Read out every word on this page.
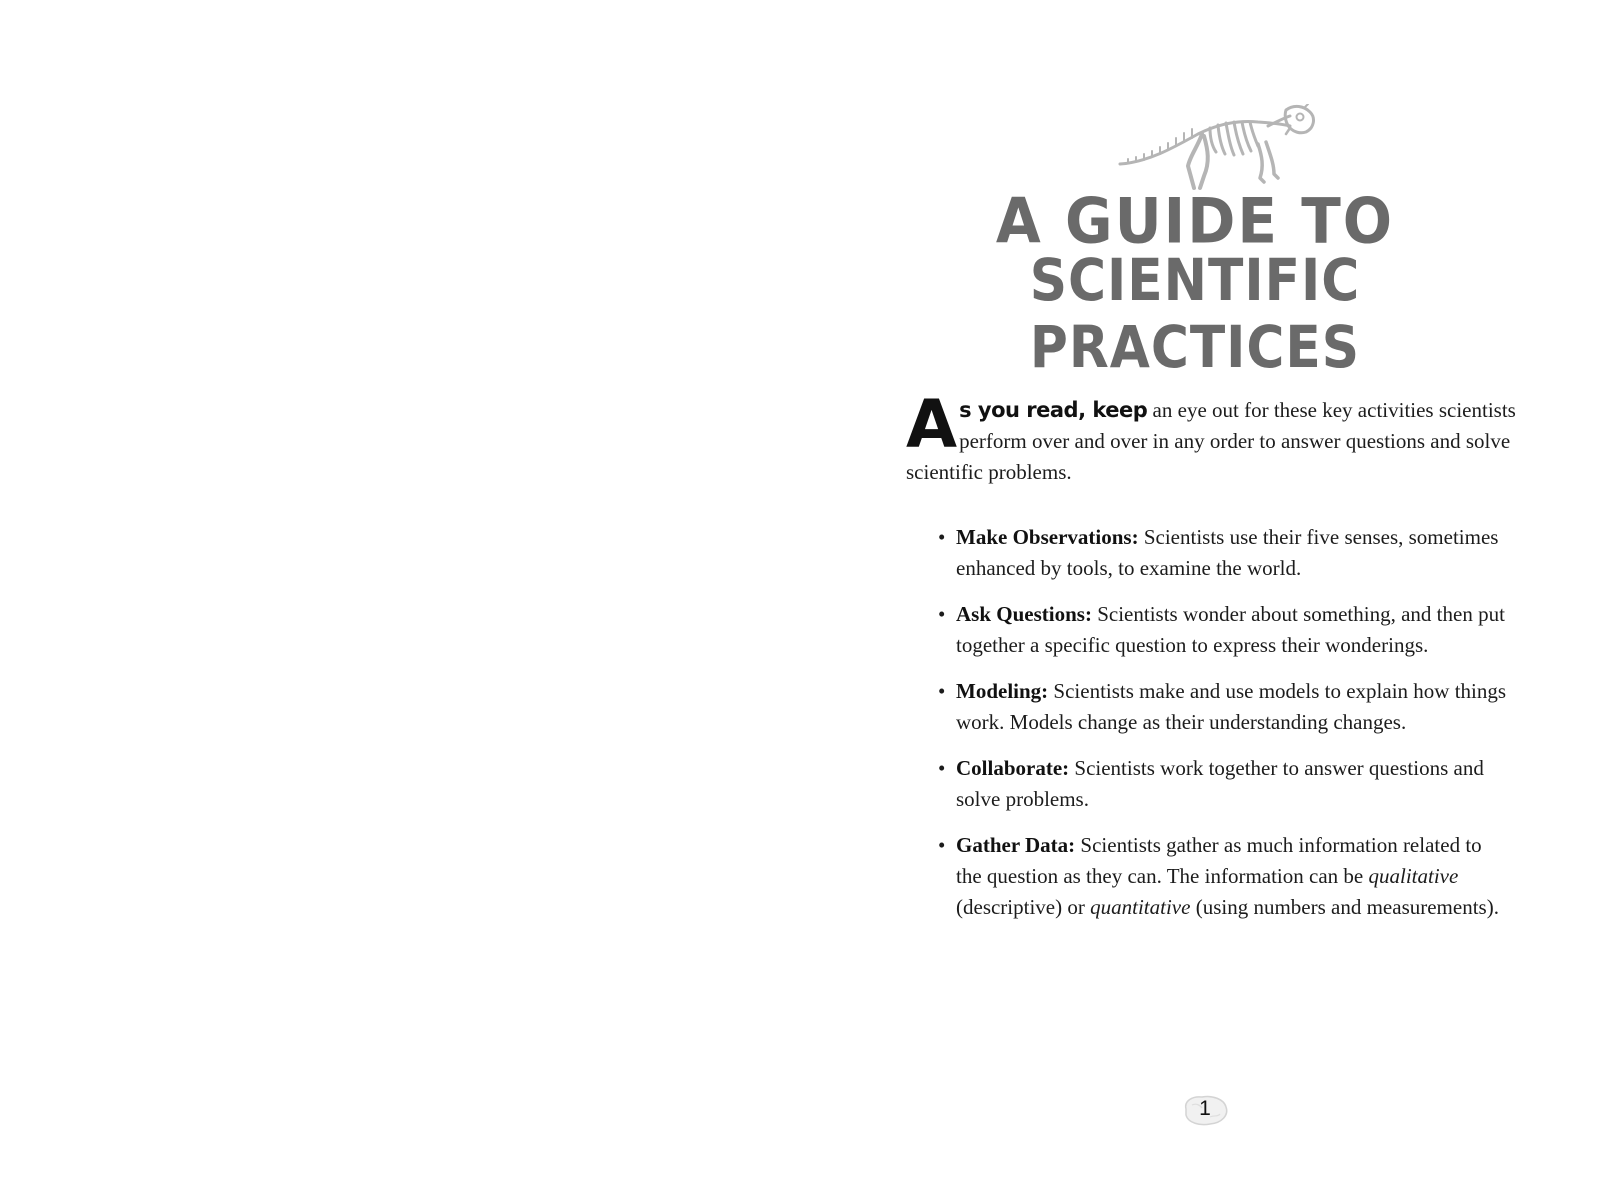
A GUIDE TO
SCIENTIFIC PRACTICES

As you read, keep an eye out for these key activities scientists perform over and over in any order to answer questions and solve scientific problems.

• Make Observations: Scientists use their five senses, sometimes enhanced by tools, to examine the world.
• Ask Questions: Scientists wonder about something, and then put together a specific question to express their wonderings.
• Modeling: Scientists make and use models to explain how things work. Models change as their understanding changes.
• Collaborate: Scientists work together to answer questions and solve problems.
• Gather Data: Scientists gather as much information related to the question as they can. The information can be qualitative (descriptive) or quantitative (using numbers and measurements).
1
